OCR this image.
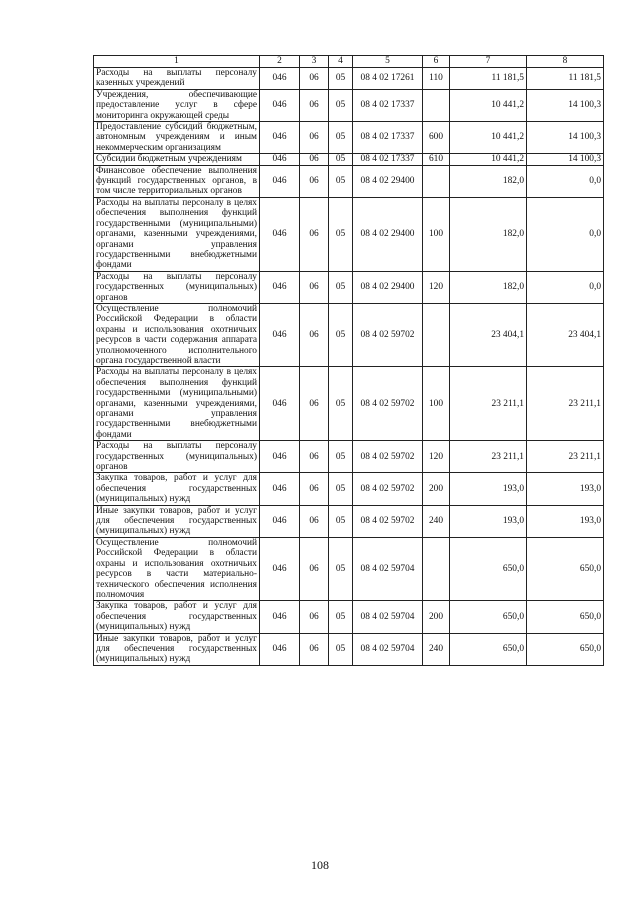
1	2	3	4	5	6	7	8
Расходы на выплаты персоналу казенных учреждений	046	06	05	08 4 02 17261	110	11 181,5	11 181,5
Учреждения, обеспечивающие предоставление услуг в сфере мониторинга окружающей среды	046	06	05	08 4 02 17337		10 441,2	14 100,3
Предоставление субсидий бюджетным, автономным учреждениям и иным некоммерческим организациям	046	06	05	08 4 02 17337	600	10 441,2	14 100,3
Субсидии бюджетным учреждениям	046	06	05	08 4 02 17337	610	10 441,2	14 100,3
Финансовое обеспечение выполнения функций государственных органов, в том числе территориальных органов	046	06	05	08 4 02 29400		182,0	0,0
Расходы на выплаты персоналу в целях обеспечения выполнения функций государственными (муниципальными) органами, казенными учреждениями, органами управления государственными внебюджетными фондами	046	06	05	08 4 02 29400	100	182,0	0,0
Расходы на выплаты персоналу государственных (муниципальных) органов	046	06	05	08 4 02 29400	120	182,0	0,0
Осуществление полномочий Российской Федерации в области охраны и использования охотничьих ресурсов в части содержания аппарата уполномоченного исполнительного органа государственной власти	046	06	05	08 4 02 59702		23 404,1	23 404,1
Расходы на выплаты персоналу в целях обеспечения выполнения функций государственными (муниципальными) органами, казенными учреждениями, органами управления государственными внебюджетными фондами	046	06	05	08 4 02 59702	100	23 211,1	23 211,1
Расходы на выплаты персоналу государственных (муниципальных) органов	046	06	05	08 4 02 59702	120	23 211,1	23 211,1
Закупка товаров, работ и услуг для обеспечения государственных (муниципальных) нужд	046	06	05	08 4 02 59702	200	193,0	193,0
Иные закупки товаров, работ и услуг для обеспечения государственных (муниципальных) нужд	046	06	05	08 4 02 59702	240	193,0	193,0
Осуществление полномочий Российской Федерации в области охраны и использования охотничьих ресурсов в части материально-технического обеспечения исполнения полномочия	046	06	05	08 4 02 59704		650,0	650,0
Закупка товаров, работ и услуг для обеспечения государственных (муниципальных) нужд	046	06	05	08 4 02 59704	200	650,0	650,0
Иные закупки товаров, работ и услуг для обеспечения государственных (муниципальных) нужд	046	06	05	08 4 02 59704	240	650,0	650,0
108
